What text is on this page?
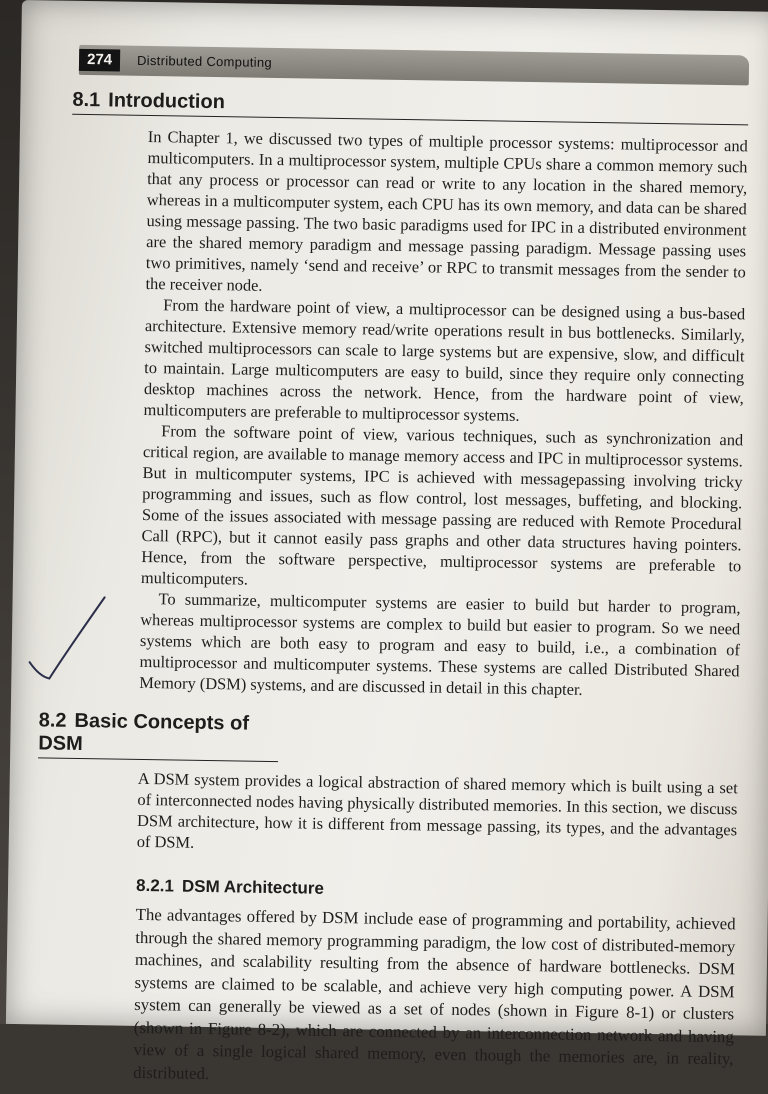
274	Distributed Computing
8.1 Introduction

In Chapter 1, we discussed two types of multiple processor systems: multiprocessor and multicomputers. In a multiprocessor system, multiple CPUs share a common memory such that any process or processor can read or write to any location in the shared memory, whereas in a multicomputer system, each CPU has its own memory, and data can be shared using message passing. The two basic paradigms used for IPC in a distributed environment are the shared memory paradigm and message passing paradigm. Message passing uses two primitives, namely ‘send and receive’ or RPC to transmit messages from the sender to the receiver node.

From the hardware point of view, a multiprocessor can be designed using a bus-based architecture. Extensive memory read/write operations result in bus bottlenecks. Similarly, switched multiprocessors can scale to large systems but are expensive, slow, and difficult to maintain. Large multicomputers are easy to build, since they require only connecting desktop machines across the network. Hence, from the hardware point of view, multicomputers are preferable to multiprocessor systems.

From the software point of view, various techniques, such as synchronization and critical region, are available to manage memory access and IPC in multiprocessor systems. But in multicomputer systems, IPC is achieved with messagepassing involving tricky programming and issues, such as flow control, lost messages, buffeting, and blocking. Some of the issues associated with message passing are reduced with Remote Procedural Call (RPC), but it cannot easily pass graphs and other data structures having pointers. Hence, from the software perspective, multiprocessor systems are preferable to multicomputers.

To summarize, multicomputer systems are easier to build but harder to program, whereas multiprocessor systems are complex to build but easier to program. So we need systems which are both easy to program and easy to build, i.e., a combination of multiprocessor and multicomputer systems. These systems are called Distributed Shared Memory (DSM) systems, and are discussed in detail in this chapter.

8.2 Basic Concepts of DSM

A DSM system provides a logical abstraction of shared memory which is built using a set of interconnected nodes having physically distributed memories. In this section, we discuss DSM architecture, how it is different from message passing, its types, and the advantages of DSM.

8.2.1 DSM Architecture

The advantages offered by DSM include ease of programming and portability, achieved through the shared memory programming paradigm, the low cost of distributed-memory machines, and scalability resulting from the absence of hardware bottlenecks. DSM systems are claimed to be scalable, and achieve very high computing power. A DSM system can generally be viewed as a set of nodes (shown in Figure 8-1) or clusters (shown in Figure 8-2), which are connected by an interconnection network and having view of a single logical shared memory, even though the memories are, in reality, distributed.
